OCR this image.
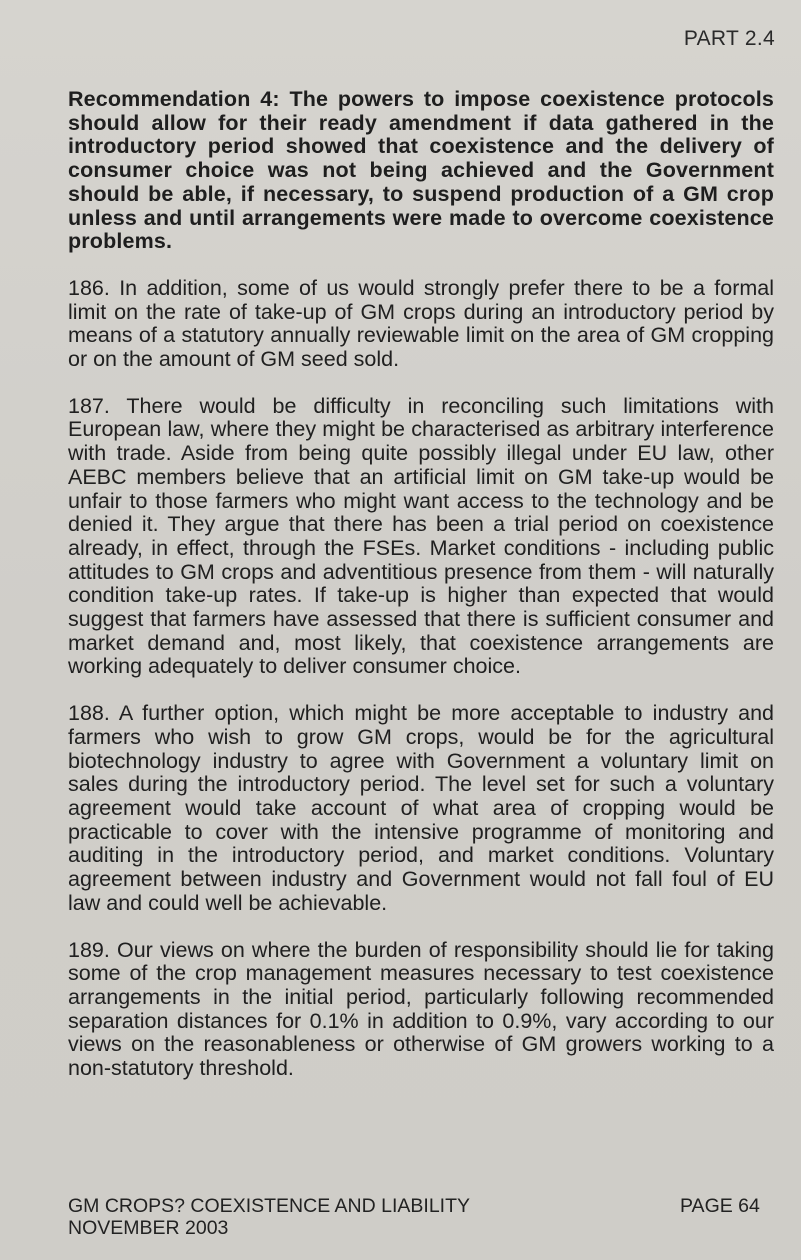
PART 2.4

Recommendation 4: The powers to impose coexistence protocols should allow for their ready amendment if data gathered in the introductory period showed that coexistence and the delivery of consumer choice was not being achieved and the Government should be able, if necessary, to suspend production of a GM crop unless and until arrangements were made to overcome coexistence problems.

186. In addition, some of us would strongly prefer there to be a formal limit on the rate of take-up of GM crops during an introductory period by means of a statutory annually reviewable limit on the area of GM cropping or on the amount of GM seed sold.

187. There would be difficulty in reconciling such limitations with European law, where they might be characterised as arbitrary interference with trade. Aside from being quite possibly illegal under EU law, other AEBC members believe that an artificial limit on GM take-up would be unfair to those farmers who might want access to the technology and be denied it. They argue that there has been a trial period on coexistence already, in effect, through the FSEs. Market conditions - including public attitudes to GM crops and adventitious presence from them - will naturally condition take-up rates. If take-up is higher than expected that would suggest that farmers have assessed that there is sufficient consumer and market demand and, most likely, that coexistence arrangements are working adequately to deliver consumer choice.

188. A further option, which might be more acceptable to industry and farmers who wish to grow GM crops, would be for the agricultural biotechnology industry to agree with Government a voluntary limit on sales during the introductory period. The level set for such a voluntary agreement would take account of what area of cropping would be practicable to cover with the intensive programme of monitoring and auditing in the introductory period, and market conditions. Voluntary agreement between industry and Government would not fall foul of EU law and could well be achievable.

189. Our views on where the burden of responsibility should lie for taking some of the crop management measures necessary to test coexistence arrangements in the initial period, particularly following recommended separation distances for 0.1% in addition to 0.9%, vary according to our views on the reasonableness or otherwise of GM growers working to a non-statutory threshold.

GM CROPS? COEXISTENCE AND LIABILITY
NOVEMBER 2003
PAGE 64
